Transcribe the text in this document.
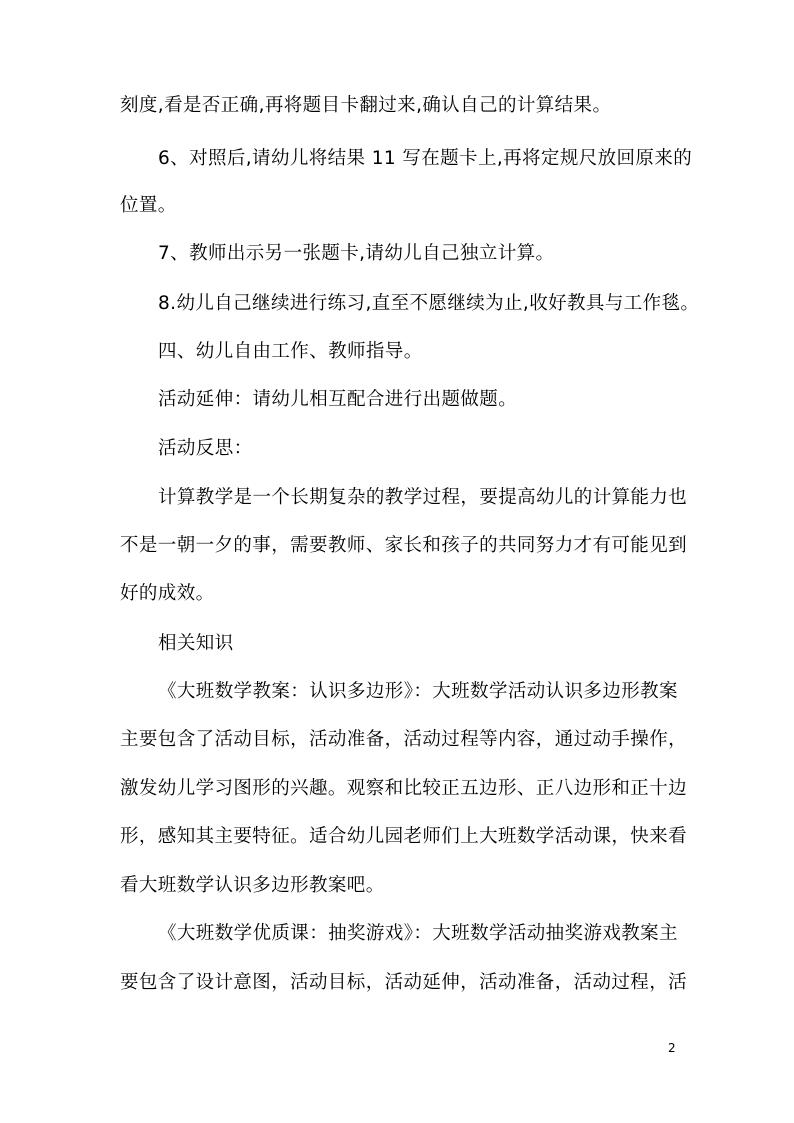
刻度,看是否正确,再将题目卡翻过来,确认自己的计算结果。
6、对照后,请幼儿将结果 11 写在题卡上,再将定规尺放回原来的
位置。
7、教师出示另一张题卡,请幼儿自己独立计算。
8.幼儿自己继续进行练习,直至不愿继续为止,收好教具与工作毯。
四、幼儿自由工作、教师指导。
活动延伸：请幼儿相互配合进行出题做题。
活动反思：
计算教学是一个长期复杂的教学过程，要提高幼儿的计算能力也
不是一朝一夕的事，需要教师、家长和孩子的共同努力才有可能见到
好的成效。
相关知识
《大班数学教案：认识多边形》：大班数学活动认识多边形教案
主要包含了活动目标，活动准备，活动过程等内容，通过动手操作，
激发幼儿学习图形的兴趣。观察和比较正五边形、正八边形和正十边
形，感知其主要特征。适合幼儿园老师们上大班数学活动课，快来看
看大班数学认识多边形教案吧。
《大班数学优质课：抽奖游戏》：大班数学活动抽奖游戏教案主
要包含了设计意图，活动目标，活动延伸，活动准备，活动过程，活
2
